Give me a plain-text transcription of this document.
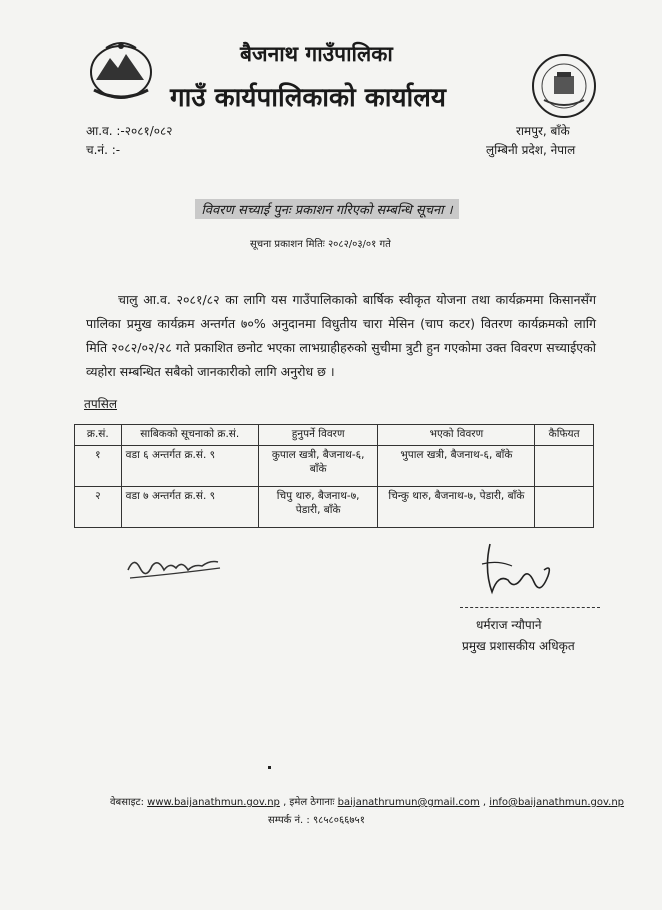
बैजनाथ गाउँपालिका
गाउँ कार्यपालिकाको कार्यालय
आ.व. :-२०८१/०८२
च.नं. :-
रामपुर, बाँके
लुम्बिनी प्रदेश, नेपाल
विवरण सच्याई पुनः प्रकाशन गरिएको सम्बन्धि सूचना ।
सूचना प्रकाशन मितिः २०८२/०३/०१ गते
चालु आ.व. २०८१/८२ का लागि यस गाउँपालिकाको बार्षिक स्वीकृत योजना तथा कार्यक्रममा किसानसँग पालिका प्रमुख कार्यक्रम अन्तर्गत ७०% अनुदानमा विधुतीय चारा मेसिन (चाप कटर) वितरण कार्यक्रमको लागि मिति २०८२/०२/२८ गते प्रकाशित छनोट भएका लाभग्राहीहरुको सुचीमा त्रुटी हुन गएकोमा उक्त विवरण सच्याईएको व्यहोरा सम्बन्धित सबैको जानकारीको लागि अनुरोध छ ।
तपसिल
क्र.सं.	साबिकको सूचनाको क्र.सं.	हुनुपर्ने विवरण	भएको विवरण	कैफियत
१	वडा ६ अन्तर्गत क्र.सं. ९	कुपाल खत्री, बैजनाथ-६, बाँके	भुपाल खत्री, बैजनाथ-६, बाँके	
२	वडा ७ अन्तर्गत क्र.सं. ९	चिपु थारु, बैजनाथ-७, पेडारी, बाँके	चिन्कु थारु, बैजनाथ-७, पेडारी, बाँके	
धर्मराज न्यौपाने
प्रमुख प्रशासकीय अधिकृत
वेबसाइट: www.baijanathmun.gov.np , इमेल ठेगानाः baijanathrumun@gmail.com , info@baijanathmun.gov.np
सम्पर्क नं. : ९८५८०६६७५१
